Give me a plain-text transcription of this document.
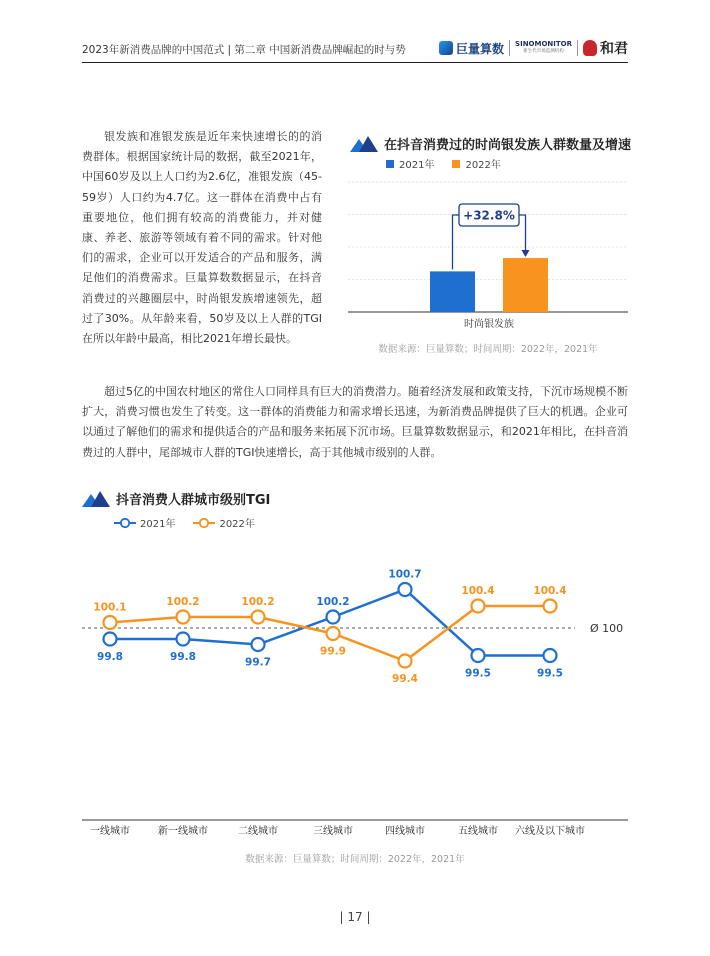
2023年新消费品牌的中国范式 | 第二章 中国新消费品牌崛起的时与势	巨量算数 SINOMONITOR
新生代市场监测机构	和君
银发族和准银发族是近年来快速增长的的消费群体。根据国家统计局的数据，截至2021年，中国60岁及以上人口约为2.6亿，准银发族（45-59岁）人口约为4.7亿。这一群体在消费中占有重要地位，他们拥有较高的消费能力，并对健康、养老、旅游等领域有着不同的需求。针对他们的需求，企业可以开发适合的产品和服务，满足他们的消费需求。巨量算数数据显示，在抖音消费过的兴趣圈层中，时尚银发族增速领先，超过了30%。从年龄来看，50岁及以上人群的TGI在所以年龄中最高，相比2021年增长最快。
在抖音消费过的时尚银发族人群数量及增速
2021年	2022年
+32.8%
时尚银发族
数据来源：巨量算数；时间周期：2022年，2021年
超过5亿的中国农村地区的常住人口同样具有巨大的消费潜力。随着经济发展和政策支持，下沉市场规模不断扩大，消费习惯也发生了转变。这一群体的消费能力和需求增长迅速，为新消费品牌提供了巨大的机遇。企业可以通过了解他们的需求和提供适合的产品和服务来拓展下沉市场。巨量算数数据显示，和2021年相比，在抖音消费过的人群中，尾部城市人群的TGI快速增长，高于其他城市级别的人群。
抖音消费人群城市级别TGI
2021年	2022年
Ø 100
一线城市	新一线城市	二线城市	三线城市	四线城市	五线城市 六线及以下城市
99.8	99.8	99.7
100.2
100.7
99.5	99.5
100.1	100.2	100.2
99.9
99.4
100.4	100.4
数据来源：巨量算数；时间周期：2022年，2021年
| 17 |
